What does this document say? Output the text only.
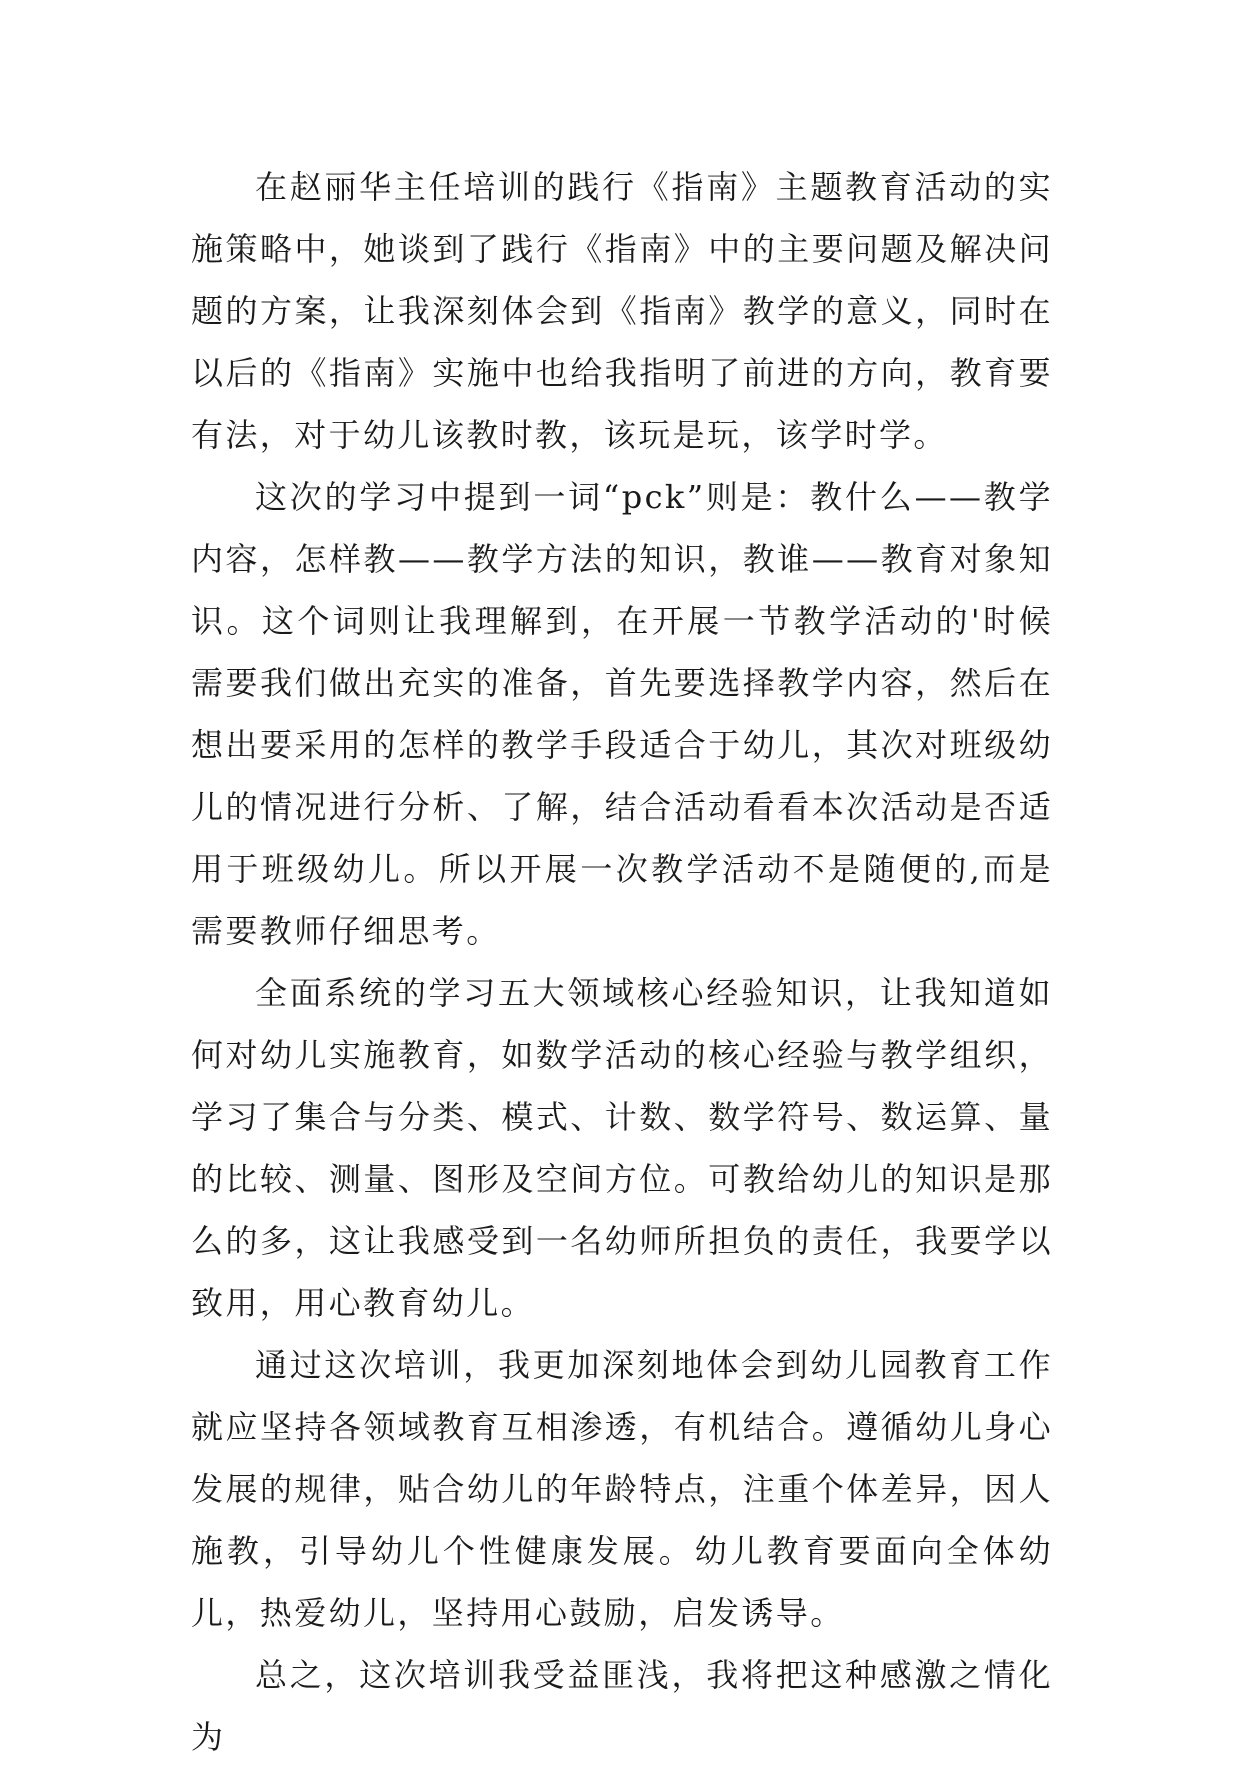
在赵丽华主任培训的践行《指南》主题教育活动的实施策略中，她谈到了践行《指南》中的主要问题及解决问题的方案，让我深刻体会到《指南》教学的意义，同时在以后的《指南》实施中也给我指明了前进的方向，教育要有法，对于幼儿该教时教，该玩是玩，该学时学。

这次的学习中提到一词“pck”则是：教什么——教学内容，怎样教——教学方法的知识，教谁——教育对象知识。这个词则让我理解到，在开展一节教学活动的'时候需要我们做出充实的准备，首先要选择教学内容，然后在想出要采用的怎样的教学手段适合于幼儿，其次对班级幼儿的情况进行分析、了解，结合活动看看本次活动是否适用于班级幼儿。所以开展一次教学活动不是随便的,而是需要教师仔细思考。

全面系统的学习五大领域核心经验知识，让我知道如何对幼儿实施教育，如数学活动的核心经验与教学组织，学习了集合与分类、模式、计数、数学符号、数运算、量的比较、测量、图形及空间方位。可教给幼儿的知识是那么的多，这让我感受到一名幼师所担负的责任，我要学以致用，用心教育幼儿。

通过这次培训，我更加深刻地体会到幼儿园教育工作就应坚持各领域教育互相渗透，有机结合。遵循幼儿身心发展的规律，贴合幼儿的年龄特点，注重个体差异，因人施教，引导幼儿个性健康发展。幼儿教育要面向全体幼儿，热爱幼儿，坚持用心鼓励，启发诱导。

总之，这次培训我受益匪浅，我将把这种感激之情化为
